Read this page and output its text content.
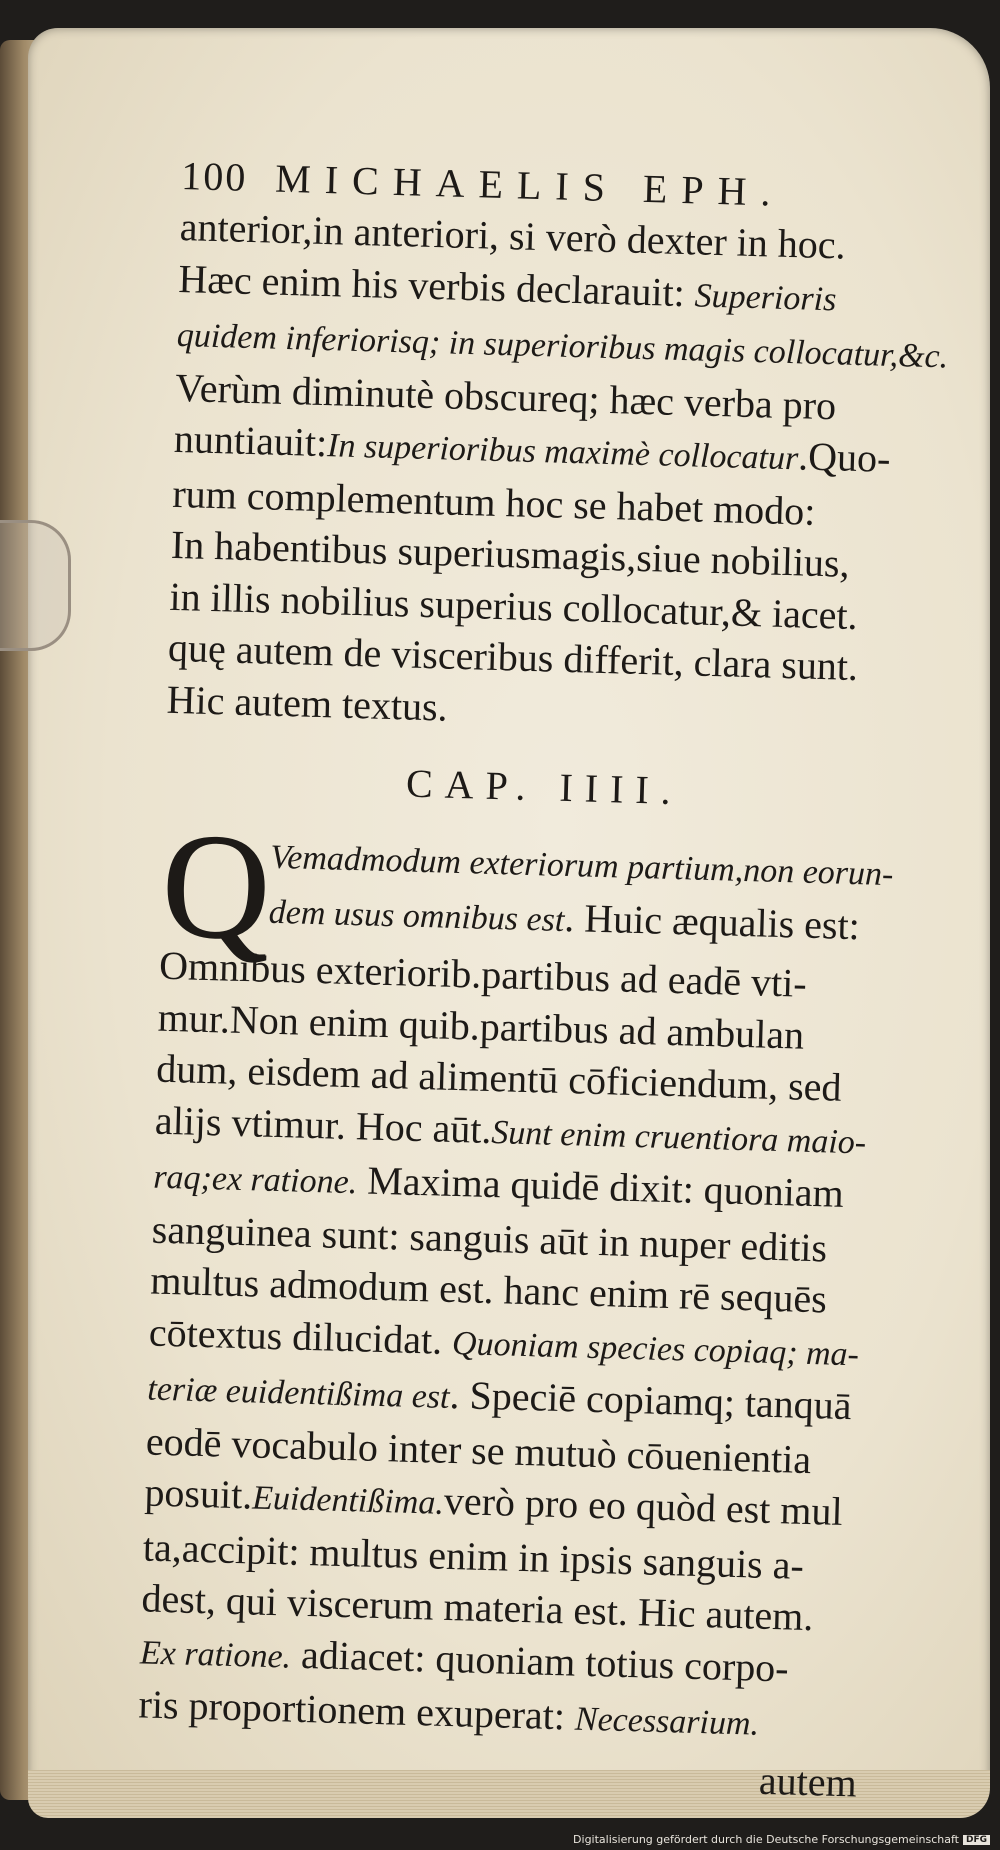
100 MICHAELIS EPH.
anterior,in anteriori, si verò dexter in hoc.
Hæc enim his verbis declarauit: Superioris
quidem inferiorisq; in superioribus magis collocatur,&c.
Verùm diminutè obscureq; hæc verba pro
nuntiauit:In superioribus maximè collocatur.Quo-
rum complementum hoc se habet modo:
In habentibus superiusmagis,siue nobilius,
in illis nobilius superius collocatur,& iacet.
quę autem de visceribus differit, clara sunt.
Hic autem textus.
CAP. IIII.
Q
Vemadmodum exteriorum partium,non eorun-
dem usus omnibus est. Huic æqualis est:
Omnibus exteriorib.partibus ad eadē vti-
mur.Non enim quib.partibus ad ambulan
dum, eisdem ad alimentū cōficiendum, sed
alijs vtimur. Hoc aūt.Sunt enim cruentiora maio-
raq;ex ratione. Maxima quidē dixit: quoniam
sanguinea sunt: sanguis aūt in nuper editis
multus admodum est. hanc enim rē sequēs
cōtextus dilucidat. Quoniam species copiaq; ma-
teriæ euidentißima est. Speciē copiamq; tanquā
eodē vocabulo inter se mutuò cōuenientia
posuit.Euidentißima.verò pro eo quòd est mul
ta,accipit: multus enim in ipsis sanguis a-
dest, qui viscerum materia est. Hic autem.
Ex ratione. adiacet: quoniam totius corpo-
ris proportionem exuperat: Necessarium.
autem
Digitalisierung gefördert durch die Deutsche Forschungsgemeinschaft DFG
